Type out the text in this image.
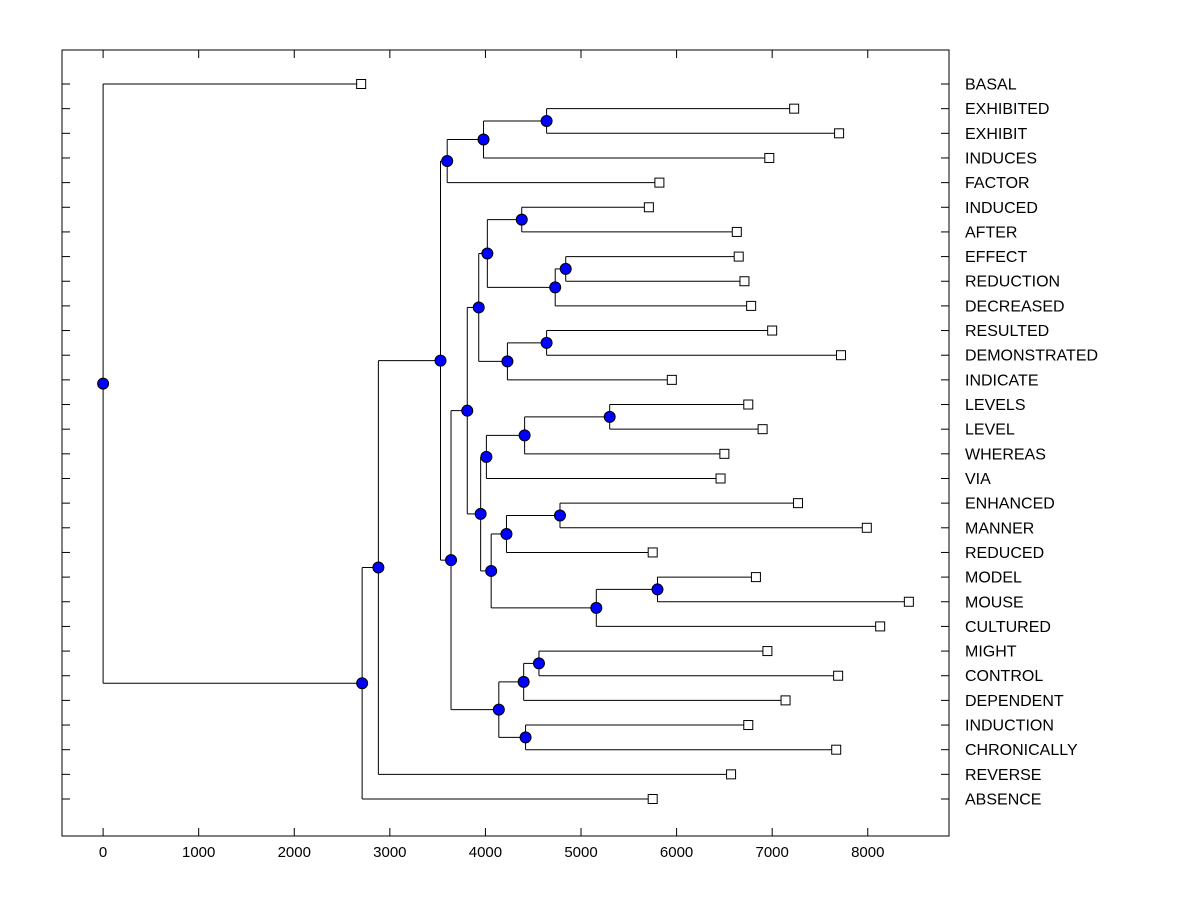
0	1000	2000	3000	4000	5000	6000	7000	8000
BASAL
EXHIBITED
EXHIBIT
INDUCES
FACTOR
INDUCED
AFTER
EFFECT
REDUCTION
DECREASED
RESULTED
DEMONSTRATED
INDICATE
LEVELS
LEVEL
WHEREAS
VIA
ENHANCED
MANNER
REDUCED
MODEL
MOUSE
CULTURED
MIGHT
CONTROL
DEPENDENT
INDUCTION
CHRONICALLY
REVERSE
ABSENCE
